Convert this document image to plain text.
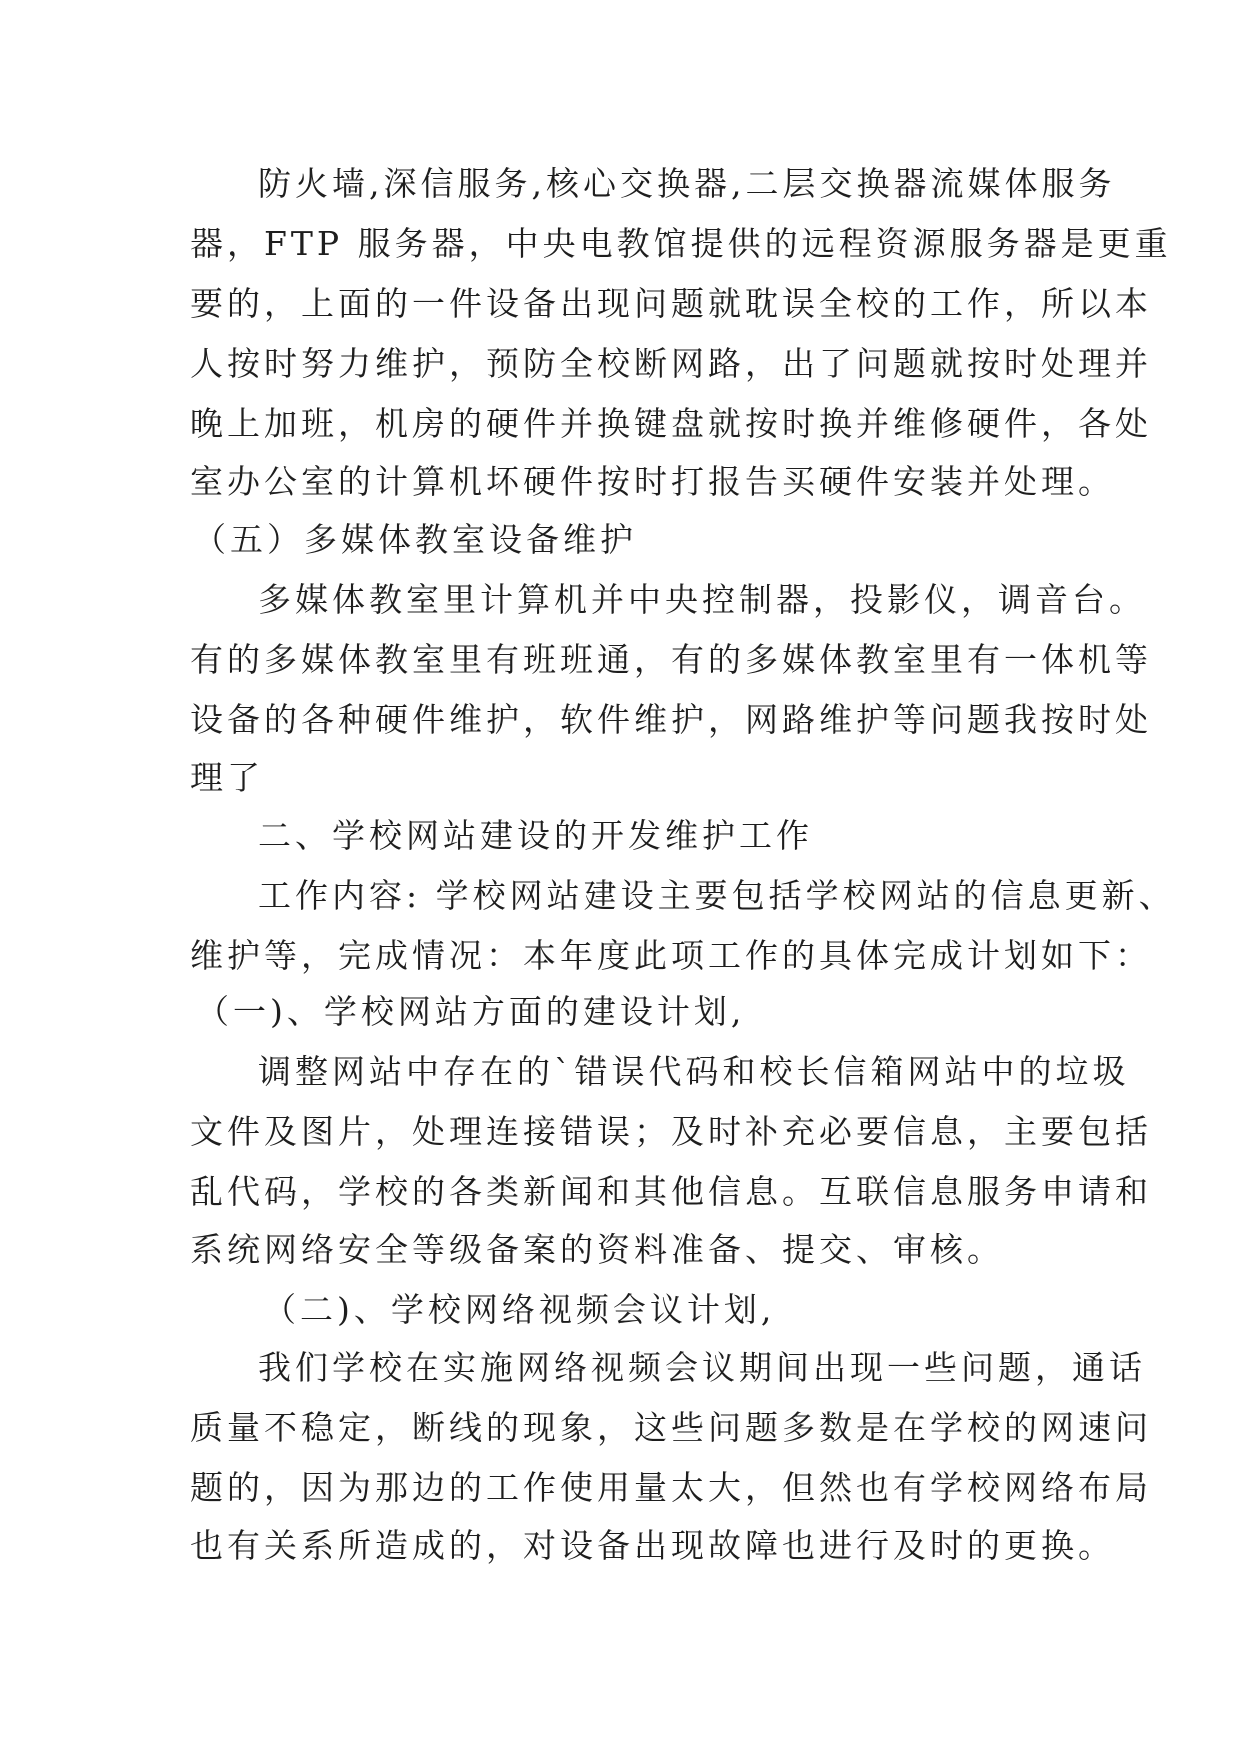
防火墙,深信服务,核心交换器,二层交换器流媒体服务
器，FTP 服务器，中央电教馆提供的远程资源服务器是更重
要的，上面的一件设备出现问题就耽误全校的工作，所以本
人按时努力维护，预防全校断网路，出了问题就按时处理并
晚上加班，机房的硬件并换键盘就按时换并维修硬件，各处
室办公室的计算机坏硬件按时打报告买硬件安装并处理。
（五）多媒体教室设备维护
多媒体教室里计算机并中央控制器，投影仪，调音台。
有的多媒体教室里有班班通，有的多媒体教室里有一体机等
设备的各种硬件维护，软件维护，网路维护等问题我按时处
理了
二、学校网站建设的开发维护工作
工作内容: 学校网站建设主要包括学校网站的信息更新、
维护等，完成情况：本年度此项工作的具体完成计划如下：
（一)、学校网站方面的建设计划,
调整网站中存在的`错误代码和校长信箱网站中的垃圾
文件及图片，处理连接错误；及时补充必要信息，主要包括
乱代码，学校的各类新闻和其他信息。互联信息服务申请和
系统网络安全等级备案的资料准备、提交、审核。
（二)、学校网络视频会议计划,
我们学校在实施网络视频会议期间出现一些问题，通话
质量不稳定，断线的现象，这些问题多数是在学校的网速问
题的，因为那边的工作使用量太大，但然也有学校网络布局
也有关系所造成的，对设备出现故障也进行及时的更换。
